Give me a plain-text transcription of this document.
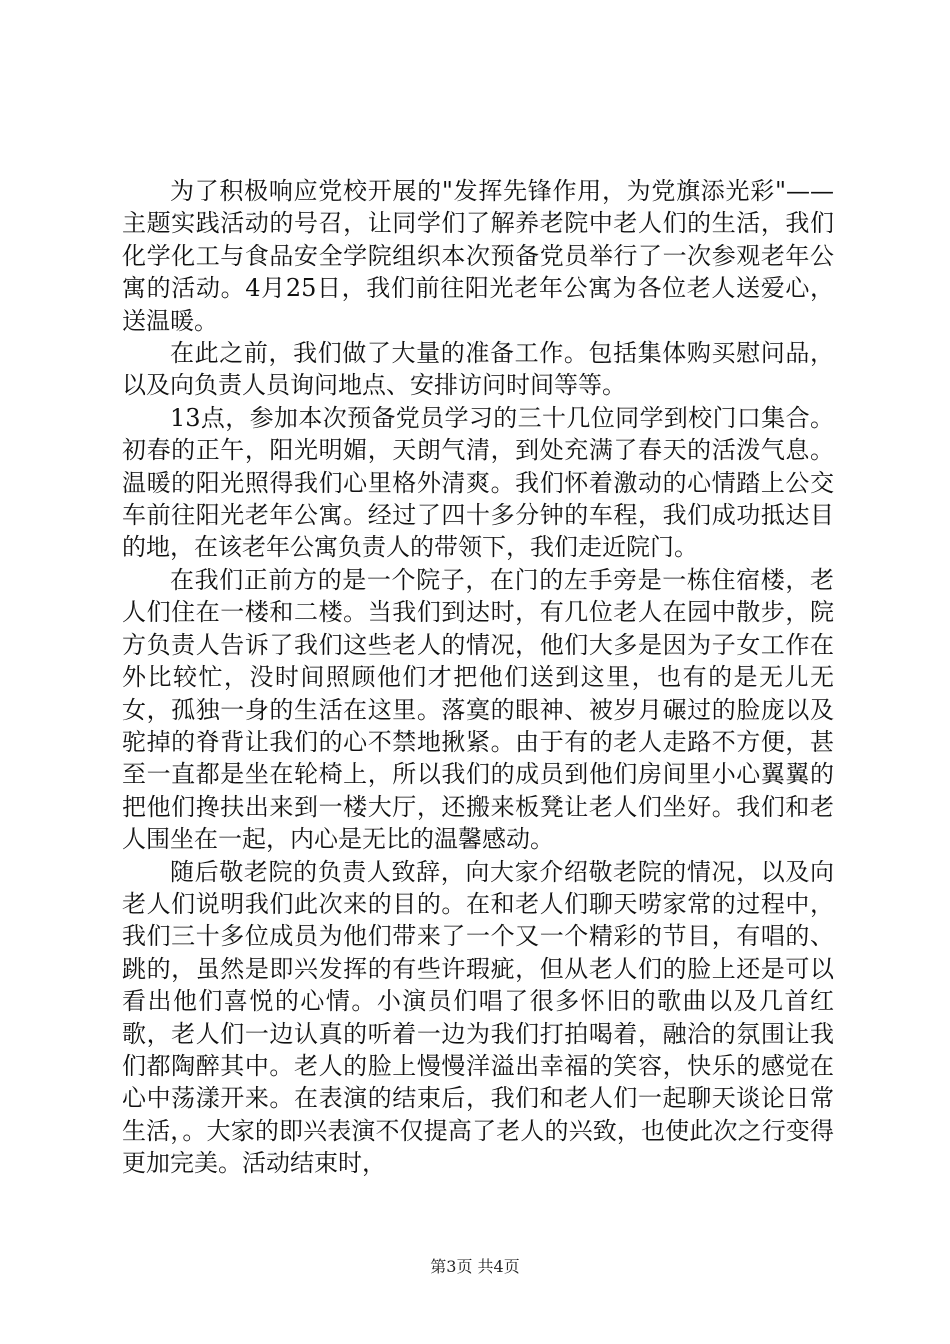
为了积极响应党校开展的"发挥先锋作用，为党旗添光彩"——主题实践活动的号召，让同学们了解养老院中老人们的生活，我们化学化工与食品安全学院组织本次预备党员举行了一次参观老年公寓的活动。4月25日，我们前往阳光老年公寓为各位老人送爱心，送温暖。

在此之前，我们做了大量的准备工作。包括集体购买慰问品，以及向负责人员询问地点、安排访问时间等等。

13点，参加本次预备党员学习的三十几位同学到校门口集合。初春的正午，阳光明媚，天朗气清，到处充满了春天的活泼气息。温暖的阳光照得我们心里格外清爽。我们怀着激动的心情踏上公交车前往阳光老年公寓。经过了四十多分钟的车程，我们成功抵达目的地，在该老年公寓负责人的带领下，我们走近院门。

在我们正前方的是一个院子，在门的左手旁是一栋住宿楼，老人们住在一楼和二楼。当我们到达时，有几位老人在园中散步，院方负责人告诉了我们这些老人的情况，他们大多是因为子女工作在外比较忙，没时间照顾他们才把他们送到这里，也有的是无儿无女，孤独一身的生活在这里。落寞的眼神、被岁月碾过的脸庞以及驼掉的脊背让我们的心不禁地揪紧。由于有的老人走路不方便，甚至一直都是坐在轮椅上，所以我们的成员到他们房间里小心翼翼的把他们搀扶出来到一楼大厅，还搬来板凳让老人们坐好。我们和老人围坐在一起，内心是无比的温馨感动。

随后敬老院的负责人致辞，向大家介绍敬老院的情况，以及向老人们说明我们此次来的目的。在和老人们聊天唠家常的过程中，我们三十多位成员为他们带来了一个又一个精彩的节目，有唱的、跳的，虽然是即兴发挥的有些许瑕疵，但从老人们的脸上还是可以看出他们喜悦的心情。小演员们唱了很多怀旧的歌曲以及几首红歌，老人们一边认真的听着一边为我们打拍喝着，融洽的氛围让我们都陶醉其中。老人的脸上慢慢洋溢出幸福的笑容，快乐的感觉在心中荡漾开来。在表演的结束后，我们和老人们一起聊天谈论日常生活，。大家的即兴表演不仅提高了老人的兴致，也使此次之行变得更加完美。活动结束时，

第3页 共4页
